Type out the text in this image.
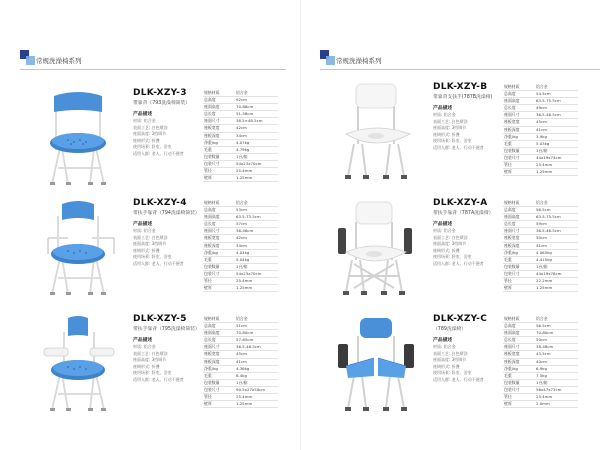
常规洗澡椅系列
DLK-XZY-3
带靠背（793洗澡椅简装）
产品描述
材质: 铝合金
表面工艺: 白色喷涂
座面高度: 3挡调节
座椅形式: 折叠
使用场景: 卧室、浴室
适用人群: 老人、行动不便者
规格材质	铝合金
总高度	92cm
座面高度	70-86cm
总长度	51-58cm
座面尺寸	38.5×48.5cm
座板宽度	42cm
座板深度	34cm
净重/kg	4.07kg
毛重	4.79kg
包装数量	1台/箱
包装尺寸	54x23x70cm
管径	25.4mm
壁厚	1.25mm
DLK-XZY-4
带扶手靠背（794洗澡椅简装）
产品描述
材质: 铝合金
表面工艺: 白色喷涂
座面高度: 3挡调节
座椅形式: 折叠
使用场景: 卧室、浴室
适用人群: 老人、行动不便者
规格材质	铝合金
总高度	53cm
座面高度	63.5-73.5cm
总长度	57cm
座面尺寸	36-46cm
座板宽度	42cm
座板深度	34cm
净重/kg	4.04kg
毛重	5.04kg
包装数量	1台/箱
包装尺寸	54x23x70cm
管径	25.4mm
壁厚	1.25mm
DLK-XZY-5
带扶手靠背（795洗澡椅简装）
产品描述
材质: 铝合金
表面工艺: 白色喷涂
座面高度: 3挡调节
座椅形式: 折叠
使用场景: 卧室、浴室
适用人群: 老人、行动不便者
规格材质	铝合金
总高度	51cm
座面高度	70-80cm
总长度	57-65cm
座面尺寸	36.5-46.5cm
座板宽度	45cm
座板深度	41cm
净重/kg	4.36kg
毛重	6.4kg
包装数量	1台/箱
包装尺寸	90.5x27x50cm
管径	25.4mm
壁厚	1.25mm
常规洗澡椅系列
DLK-XZY-B
带靠背支扶手(787B洗澡椅)
产品描述
材质: 铝合金
表面工艺: 白色喷涂
座面高度: 3挡调节
座椅形式: 折叠
使用场景: 卧室、浴室
适用人群: 老人、行动不便者
规格材质	铝合金
总高度	54.5cm
座面高度	63.5-75.5cm
总长度	49cm
座面尺寸	36.5-46.5cm
座板宽度	45cm
座板深度	41cm
净重/kg	3.9kg
毛重	5.03kg
包装数量	1台/箱
包装尺寸	44x19x74cm
管径	25.4mm
壁厚	1.25mm
DLK-XZY-A
带扶手靠背（787A洗澡椅）
产品描述
材质: 铝合金
表面工艺: 白色喷涂
座面高度: 3挡调节
座椅形式: 折叠
使用场景: 卧室、浴室
适用人群: 老人、行动不便者
规格材质	铝合金
总高度	56.5cm
座面高度	63.5-75.5cm
总长度	59cm
座面尺寸	36.5-46.5cm
座板宽度	50cm
座板深度	41cm
净重/kg	4.065kg
毛重	4.415kg
包装数量	1台/箱
包装尺寸	44x19x78cm
管径	22.2mm
壁厚	1.25mm
DLK-XZY-C
（789洗澡椅）
产品描述
材质: 铝合金
表面工艺: 白色喷涂
座面高度: 3挡调节
座椅形式: 折叠
使用场景: 卧室、浴室
适用人群: 老人、行动不便者
规格材质	铝合金
总高度	56.5cm
座面高度	70-80cm
总长度	50cm
座面尺寸	38-48cm
座板宽度	43.5cm
座板深度	40cm
净重/kg	6.9kg
毛重	7.5kg
包装数量	1台/箱
包装尺寸	56x47x72cm
管径	25.4mm
壁厚	2.0mm
